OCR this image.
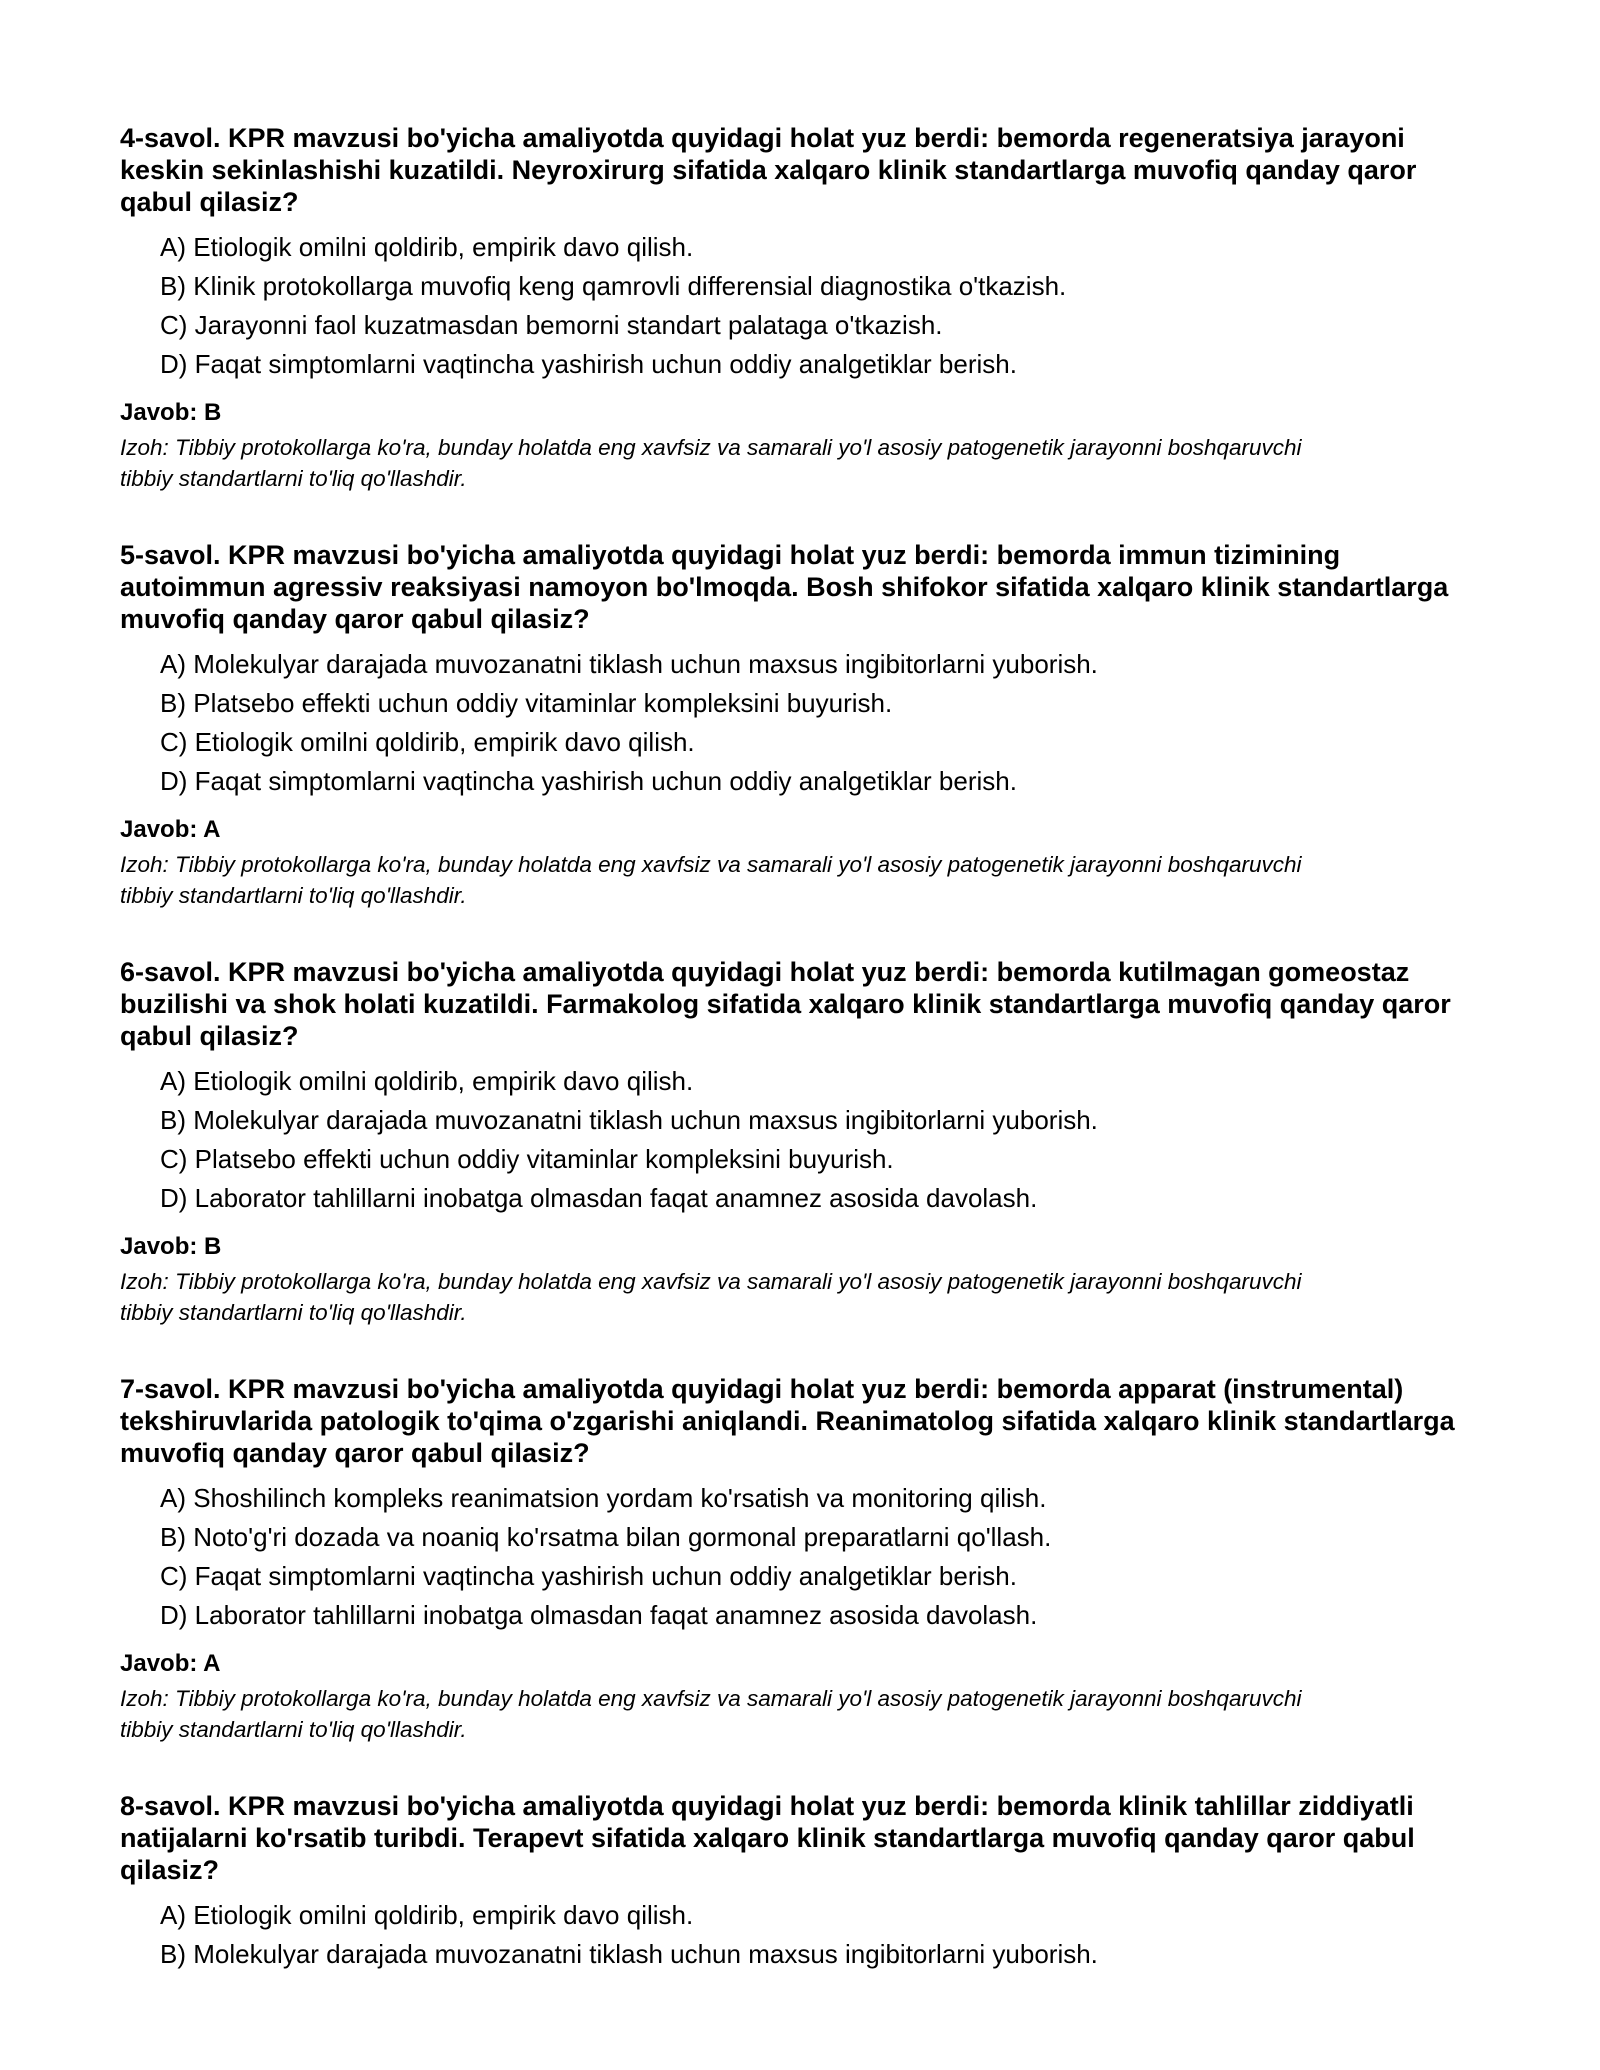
4-savol. KPR mavzusi bo'yicha amaliyotda quyidagi holat yuz berdi: bemorda regeneratsiya jarayoni keskin sekinlashishi kuzatildi. Neyroxirurg sifatida xalqaro klinik standartlarga muvofiq qanday qaror qabul qilasiz?
A) Etiologik omilni qoldirib, empirik davo qilish.
B) Klinik protokollarga muvofiq keng qamrovli differensial diagnostika o'tkazish.
C) Jarayonni faol kuzatmasdan bemorni standart palataga o'tkazish.
D) Faqat simptomlarni vaqtincha yashirish uchun oddiy analgetiklar berish.
Javob: B
Izoh: Tibbiy protokollarga ko'ra, bunday holatda eng xavfsiz va samarali yo'l asosiy patogenetik jarayonni boshqaruvchi tibbiy standartlarni to'liq qo'llashdir.
5-savol. KPR mavzusi bo'yicha amaliyotda quyidagi holat yuz berdi: bemorda immun tizimining autoimmun agressiv reaksiyasi namoyon bo'lmoqda. Bosh shifokor sifatida xalqaro klinik standartlarga muvofiq qanday qaror qabul qilasiz?
A) Molekulyar darajada muvozanatni tiklash uchun maxsus ingibitorlarni yuborish.
B) Platsebo effekti uchun oddiy vitaminlar kompleksini buyurish.
C) Etiologik omilni qoldirib, empirik davo qilish.
D) Faqat simptomlarni vaqtincha yashirish uchun oddiy analgetiklar berish.
Javob: A
Izoh: Tibbiy protokollarga ko'ra, bunday holatda eng xavfsiz va samarali yo'l asosiy patogenetik jarayonni boshqaruvchi tibbiy standartlarni to'liq qo'llashdir.
6-savol. KPR mavzusi bo'yicha amaliyotda quyidagi holat yuz berdi: bemorda kutilmagan gomeostaz buzilishi va shok holati kuzatildi. Farmakolog sifatida xalqaro klinik standartlarga muvofiq qanday qaror qabul qilasiz?
A) Etiologik omilni qoldirib, empirik davo qilish.
B) Molekulyar darajada muvozanatni tiklash uchun maxsus ingibitorlarni yuborish.
C) Platsebo effekti uchun oddiy vitaminlar kompleksini buyurish.
D) Laborator tahlillarni inobatga olmasdan faqat anamnez asosida davolash.
Javob: B
Izoh: Tibbiy protokollarga ko'ra, bunday holatda eng xavfsiz va samarali yo'l asosiy patogenetik jarayonni boshqaruvchi tibbiy standartlarni to'liq qo'llashdir.
7-savol. KPR mavzusi bo'yicha amaliyotda quyidagi holat yuz berdi: bemorda apparat (instrumental) tekshiruvlarida patologik to'qima o'zgarishi aniqlandi. Reanimatolog sifatida xalqaro klinik standartlarga muvofiq qanday qaror qabul qilasiz?
A) Shoshilinch kompleks reanimatsion yordam ko'rsatish va monitoring qilish.
B) Noto'g'ri dozada va noaniq ko'rsatma bilan gormonal preparatlarni qo'llash.
C) Faqat simptomlarni vaqtincha yashirish uchun oddiy analgetiklar berish.
D) Laborator tahlillarni inobatga olmasdan faqat anamnez asosida davolash.
Javob: A
Izoh: Tibbiy protokollarga ko'ra, bunday holatda eng xavfsiz va samarali yo'l asosiy patogenetik jarayonni boshqaruvchi tibbiy standartlarni to'liq qo'llashdir.
8-savol. KPR mavzusi bo'yicha amaliyotda quyidagi holat yuz berdi: bemorda klinik tahlillar ziddiyatli natijalarni ko'rsatib turibdi. Terapevt sifatida xalqaro klinik standartlarga muvofiq qanday qaror qabul qilasiz?
A) Etiologik omilni qoldirib, empirik davo qilish.
B) Molekulyar darajada muvozanatni tiklash uchun maxsus ingibitorlarni yuborish.
